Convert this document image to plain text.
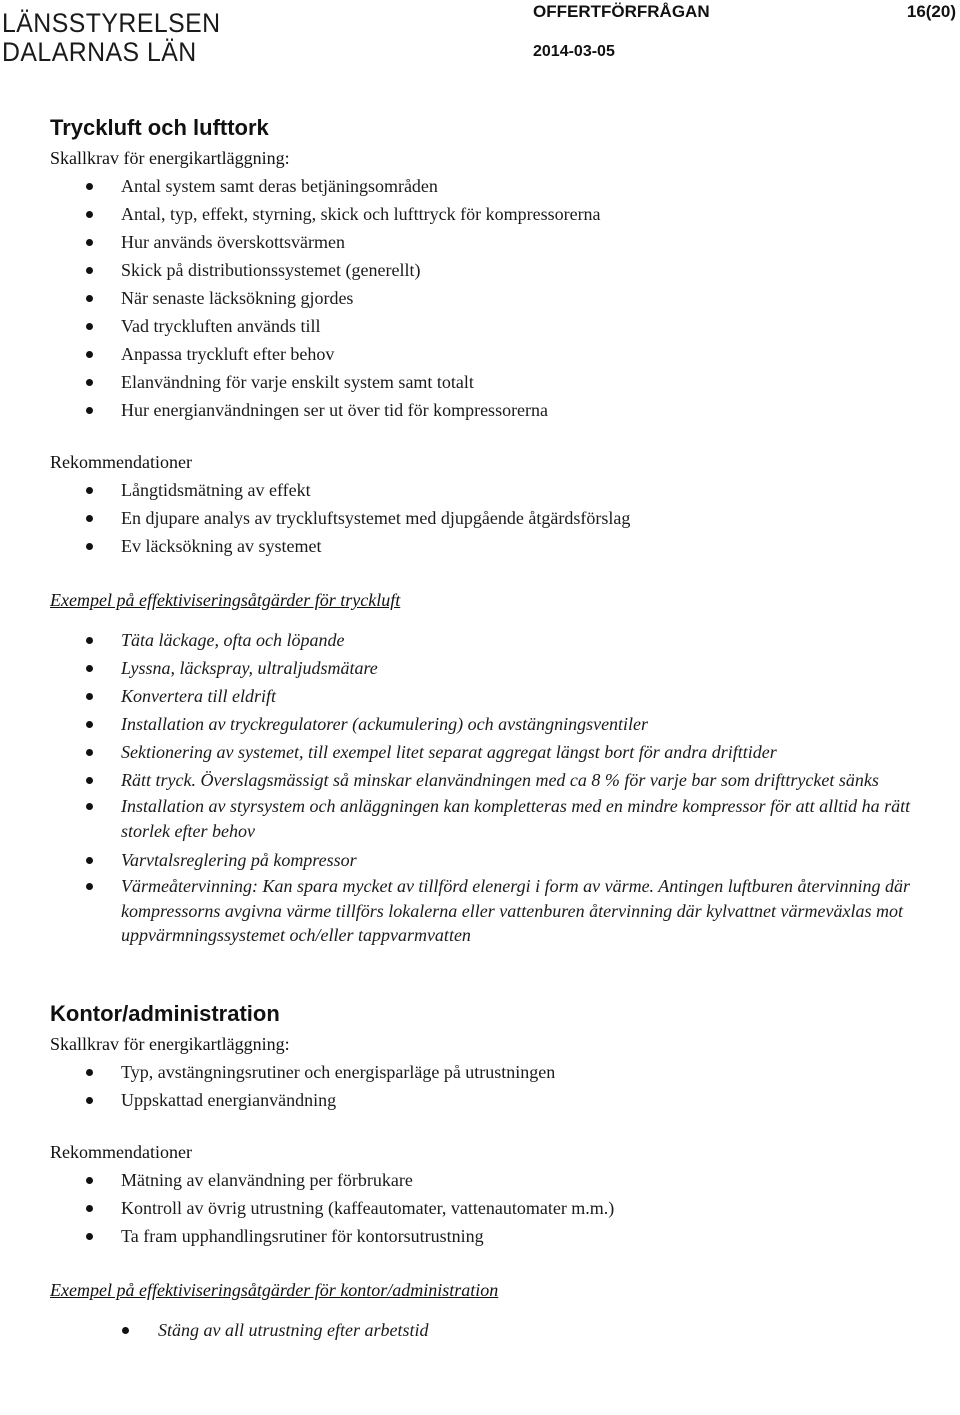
LÄNSSTYRELSEN
DALARNAS LÄN
OFFERTFÖRFRÅGAN	16(20)
2014-03-05
Tryckluft och lufttork

Skallkrav för energikartläggning:

Antal system samt deras betjäningsområden
Antal, typ, effekt, styrning, skick och lufttryck för kompressorerna
Hur används överskottsvärmen
Skick på distributionssystemet (generellt)
När senaste läcksökning gjordes
Vad tryckluften används till
Anpassa tryckluft efter behov
Elanvändning för varje enskilt system samt totalt
Hur energianvändningen ser ut över tid för kompressorerna

Rekommendationer

Långtidsmätning av effekt
En djupare analys av tryckluftsystemet med djupgående åtgärdsförslag
Ev läcksökning av systemet

Exempel på effektiviseringsåtgärder för tryckluft

Täta läckage, ofta och löpande
Lyssna, läckspray, ultraljudsmätare
Konvertera till eldrift
Installation av tryckregulatorer (ackumulering) och avstängningsventiler
Sektionering av systemet, till exempel litet separat aggregat längst bort för andra drifttider
Rätt tryck. Överslagsmässigt så minskar elanvändningen med ca 8 % för varje bar som drifttrycket sänks
Installation av styrsystem och anläggningen kan kompletteras med en mindre kompressor för att alltid ha rätt storlek efter behov
Varvtalsreglering på kompressor
Värmeåtervinning: Kan spara mycket av tillförd elenergi i form av värme. Antingen luftburen återvinning där kompressorns avgivna värme tillförs lokalerna eller vattenburen återvinning där kylvattnet värmeväxlas mot uppvärmningssystemet och/eller tappvarmvatten
Kontor/administration

Skallkrav för energikartläggning:

Typ, avstängningsrutiner och energisparläge på utrustningen
Uppskattad energianvändning

Rekommendationer

Mätning av elanvändning per förbrukare
Kontroll av övrig utrustning (kaffeautomater, vattenautomater m.m.)
Ta fram upphandlingsrutiner för kontorsutrustning

Exempel på effektiviseringsåtgärder för kontor/administration

Stäng av all utrustning efter arbetstid
